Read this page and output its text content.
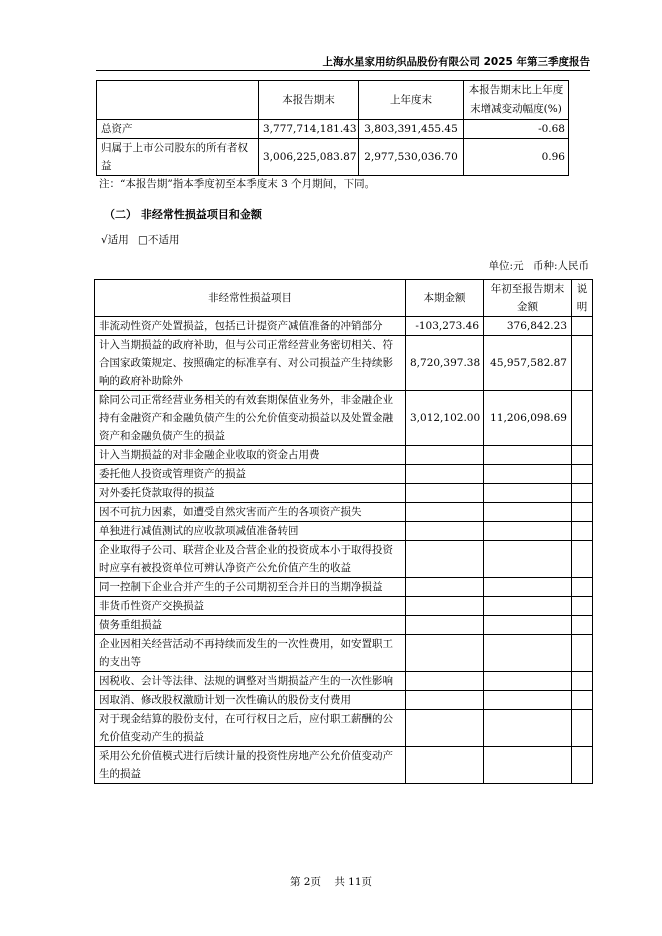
上海水星家用纺织品股份有限公司 2025 年第三季度报告
	本报告期末	上年度末	本报告期末比上年度末增减变动幅度(%)
总资产	3,777,714,181.43	3,803,391,455.45	-0.68
归属于上市公司股东的所有者权益	3,006,225,083.87	2,977,530,036.70	0.96
注：“本报告期”指本季度初至本季度末 3 个月期间，下同。
（二） 非经常性损益项目和金额
√适用 □不适用
单位:元 币种:人民币
非经常性损益项目	本期金额	年初至报告期末金额	说明
非流动性资产处置损益，包括已计提资产减值准备的冲销部分	-103,273.46	376,842.23	
计入当期损益的政府补助，但与公司正常经营业务密切相关、符合国家政策规定、按照确定的标准享有、对公司损益产生持续影响的政府补助除外	8,720,397.38	45,957,582.87	
除同公司正常经营业务相关的有效套期保值业务外，非金融企业持有金融资产和金融负债产生的公允价值变动损益以及处置金融资产和金融负债产生的损益	3,012,102.00	11,206,098.69	
计入当期损益的对非金融企业收取的资金占用费			
委托他人投资或管理资产的损益			
对外委托贷款取得的损益			
因不可抗力因素，如遭受自然灾害而产生的各项资产损失			
单独进行减值测试的应收款项减值准备转回			
企业取得子公司、联营企业及合营企业的投资成本小于取得投资时应享有被投资单位可辨认净资产公允价值产生的收益			
同一控制下企业合并产生的子公司期初至合并日的当期净损益			
非货币性资产交换损益			
债务重组损益			
企业因相关经营活动不再持续而发生的一次性费用，如安置职工的支出等			
因税收、会计等法律、法规的调整对当期损益产生的一次性影响			
因取消、修改股权激励计划一次性确认的股份支付费用			
对于现金结算的股份支付，在可行权日之后，应付职工薪酬的公允价值变动产生的损益			
采用公允价值模式进行后续计量的投资性房地产公允价值变动产生的损益			
第 2页 共 11页
